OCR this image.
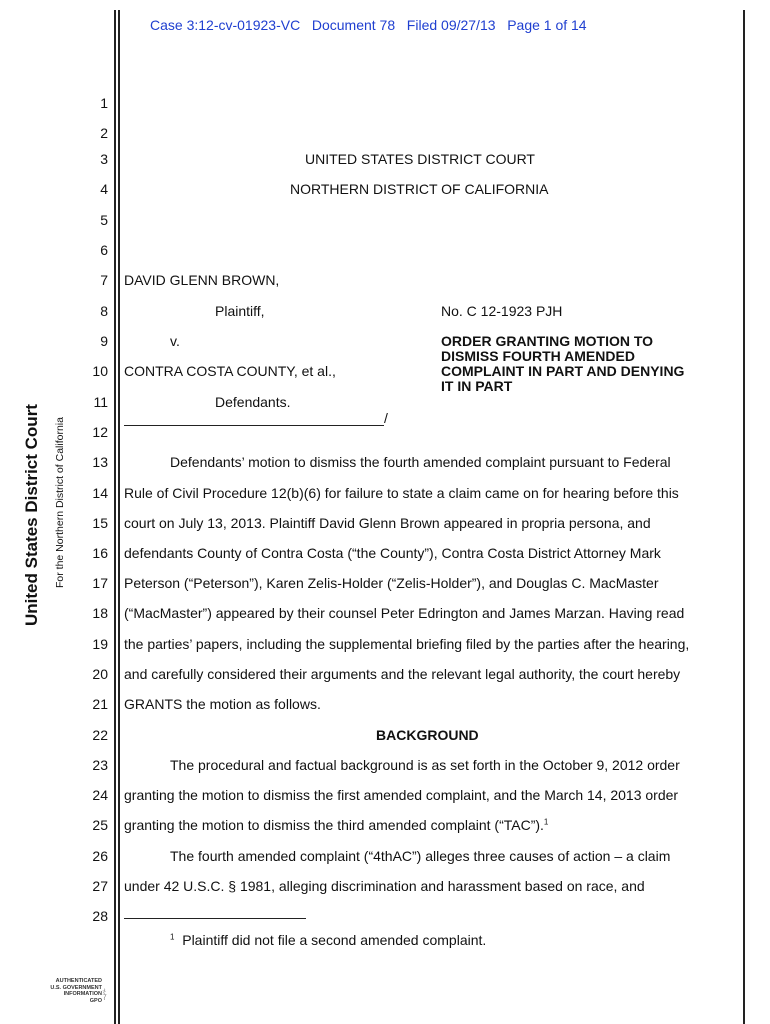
Case 3:12-cv-01923-VC   Document 78   Filed 09/27/13   Page 1 of 14
United States District Court For the Northern District of California
1
2
3
4
5
6
7
8
9
10
11
12
13
14
15
16
17
18
19
20
21
22
23
24
25
26
27
28
UNITED STATES DISTRICT COURT
NORTHERN DISTRICT OF CALIFORNIA
DAVID GLENN BROWN,
Plaintiff,
v.
CONTRA COSTA COUNTY, et al.,
Defendants.
/
No. C 12-1923 PJH
ORDER GRANTING MOTION TO
DISMISS FOURTH AMENDED
COMPLAINT IN PART AND DENYING
IT IN PART
Defendants’ motion to dismiss the fourth amended complaint pursuant to Federal
Rule of Civil Procedure 12(b)(6) for failure to state a claim came on for hearing before this
court on July 13, 2013. Plaintiff David Glenn Brown appeared in propria persona, and
defendants County of Contra Costa (“the County”), Contra Costa District Attorney Mark
Peterson (“Peterson”), Karen Zelis-Holder (“Zelis-Holder”), and Douglas C. MacMaster
(“MacMaster”) appeared by their counsel Peter Edrington and James Marzan. Having read
the parties’ papers, including the supplemental briefing filed by the parties after the hearing,
and carefully considered their arguments and the relevant legal authority, the court hereby
GRANTS the motion as follows.
BACKGROUND
The procedural and factual background is as set forth in the October 9, 2012 order
granting the motion to dismiss the first amended complaint, and the March 14, 2013 order
granting the motion to dismiss the third amended complaint (“TAC”).$^1$
The fourth amended complaint (“4thAC”) alleges three causes of action – a claim
under 42 U.S.C. § 1981, alleging discrimination and harassment based on race, and
$^1$ Plaintiff did not file a second amended complaint.
AUTHENTICATED
U.S. GOVERNMENT
INFORMATION
GPO
